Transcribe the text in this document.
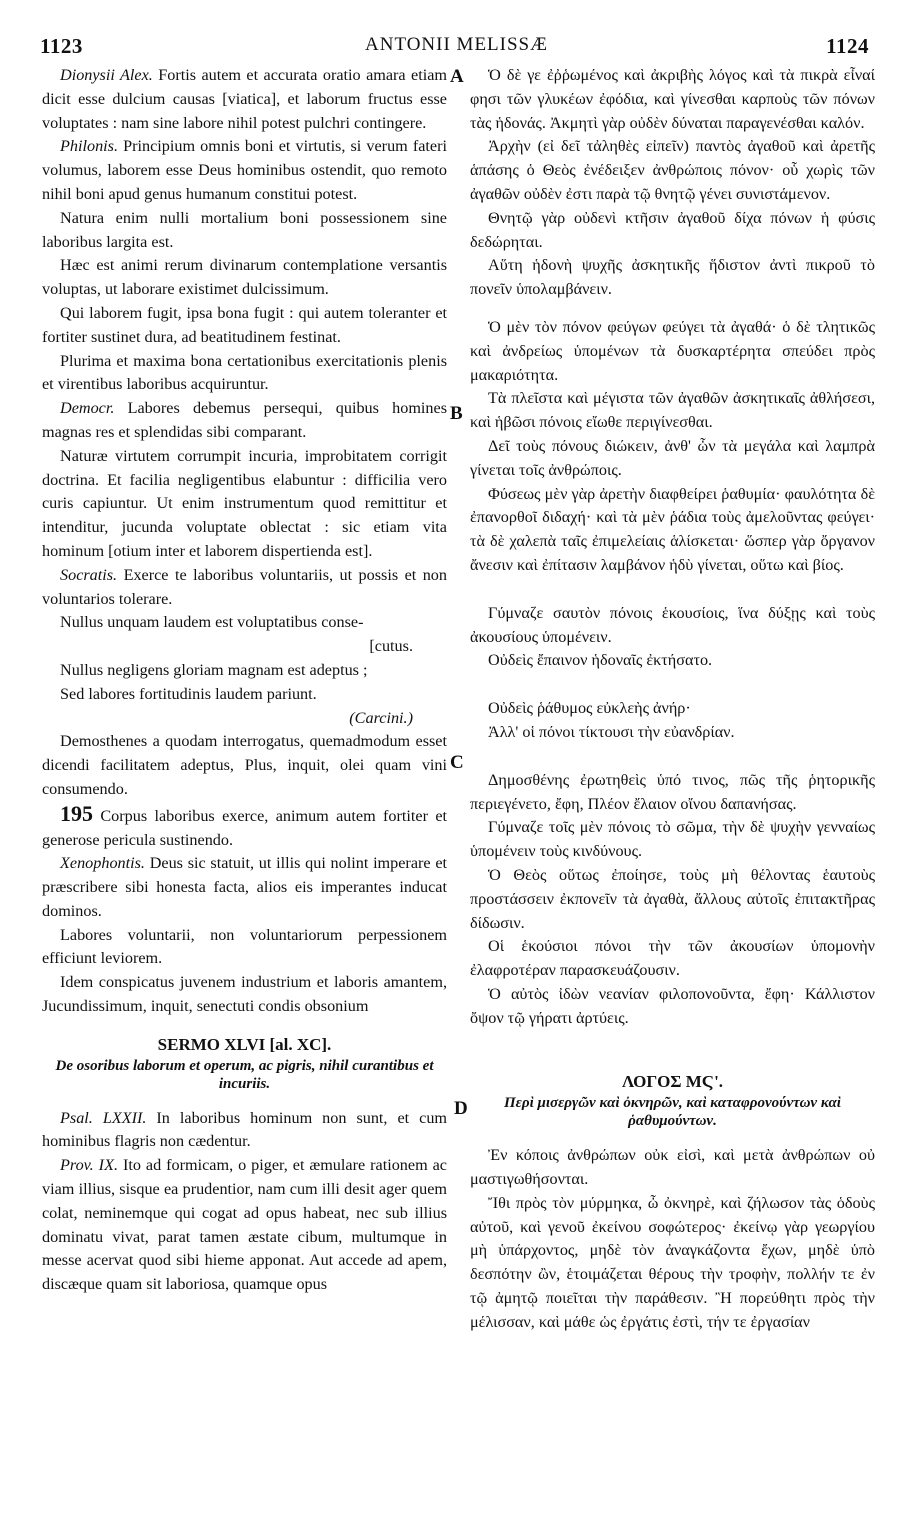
1123	ANTONII MELISSÆ	1124
A
B
C
D

Dionysii Alex. Fortis autem et accurata oratio amara etiam dicit esse dulcium causas [viatica], et laborum fructus esse voluptates : nam sine labore nihil potest pulchri contingere.

Philonis. Principium omnis boni et virtutis, si verum fateri volumus, laborem esse Deus hominibus ostendit, quo remoto nihil boni apud genus humanum constitui potest.

Natura enim nulli mortalium boni possessionem sine laboribus largita est.

Hæc est animi rerum divinarum contemplatione versantis voluptas, ut laborare existimet dulcissimum.

Qui laborem fugit, ipsa bona fugit : qui autem toleranter et fortiter sustinet dura, ad beatitudinem festinat.

Plurima et maxima bona certationibus exercitationis plenis et virentibus laboribus acquiruntur.

Democr. Labores debemus persequi, quibus homines magnas res et splendidas sibi comparant.

Naturæ virtutem corrumpit incuria, improbitatem corrigit doctrina. Et facilia negligentibus elabuntur : difficilia vero curis capiuntur. Ut enim instrumentum quod remittitur et intenditur, jucunda voluptate oblectat : sic etiam vita hominum [otium inter et laborem dispertienda est].

Socratis. Exerce te laboribus voluntariis, ut possis et non voluntarios tolerare.

Nullus unquam laudem est voluptatibus conse-

[cutus.

Nullus negligens gloriam magnam est adeptus ;

Sed labores fortitudinis laudem pariunt.

(Carcini.)

Demosthenes a quodam interrogatus, quemadmodum esset dicendi facilitatem adeptus, Plus, inquit, olei quam vini consumendo.

195 Corpus laboribus exerce, animum autem fortiter et generose pericula sustinendo.

Xenophontis. Deus sic statuit, ut illis qui nolint imperare et præscribere sibi honesta facta, alios eis imperantes inducat dominos.

Labores voluntarii, non voluntariorum perpessionem efficiunt leviorem.

Idem conspicatus juvenem industrium et laboris amantem, Jucundissimum, inquit, senectuti condis obsonium

SERMO XLVI [al. XC].

De osoribus laborum et operum, ac pigris, nihil curantibus et incuriis.

Psal. LXXII. In laboribus hominum non sunt, et cum hominibus flagris non cædentur.

Prov. IX. Ito ad formicam, o piger, et æmulare rationem ac viam illius, sisque ea prudentior, nam cum illi desit ager quem colat, neminemque qui cogat ad opus habeat, nec sub illius dominatu vivat, parat tamen æstate cibum, multumque in messe acervat quod sibi hieme apponat. Aut accede ad apem, discæque quam sit laboriosa, quamque opus

Ὁ δὲ γε ἐῤῥωμένος καὶ ἀκριβὴς λόγος καὶ τὰ πικρὰ εἶναί φησι τῶν γλυκέων ἐφόδια, καὶ γίνεσθαι καρποὺς τῶν πόνων τὰς ἡδονάς. Ἀκμητὶ γὰρ οὐδὲν δύναται παραγενέσθαι καλόν.

Ἀρχὴν (εἰ δεῖ τἀληθὲς εἰπεῖν) παντὸς ἀγαθοῦ καὶ ἀρετῆς ἁπάσης ὁ Θεὸς ἐνέδειξεν ἀνθρώποις πόνον· οὗ χωρὶς τῶν ἀγαθῶν οὐδὲν ἐστι παρὰ τῷ θνητῷ γένει συνιστάμενον.

Θνητῷ γὰρ οὐδενὶ κτῆσιν ἀγαθοῦ δίχα πόνων ἡ φύσις δεδώρηται.

Αὕτη ἡδονὴ ψυχῆς ἀσκητικῆς ἥδιστον ἀντὶ πικροῦ τὸ πονεῖν ὑπολαμβάνειν.

Ὁ μὲν τὸν πόνον φεύγων φεύγει τὰ ἀγαθά· ὁ δὲ τλητικῶς καὶ ἀνδρείως ὑπομένων τὰ δυσκαρτέρητα σπεύδει πρὸς μακαριότητα.

Τὰ πλεῖστα καὶ μέγιστα τῶν ἀγαθῶν ἀσκητικαῖς ἀθλήσεσι, καὶ ἡβῶσι πόνοις εἴωθε περιγίνεσθαι.

Δεῖ τοὺς πόνους διώκειν, ἀνθ' ὧν τὰ μεγάλα καὶ λαμπρὰ γίνεται τοῖς ἀνθρώποις.

Φύσεως μὲν γὰρ ἀρετὴν διαφθείρει ῥαθυμία· φαυλότητα δὲ ἐπανορθοῖ διδαχή· καὶ τὰ μὲν ῥάδια τοὺς ἀμελοῦντας φεύγει· τὰ δὲ χαλεπὰ ταῖς ἐπιμελείαις ἁλίσκεται· ὥσπερ γὰρ ὄργανον ἄνεσιν καὶ ἐπίτασιν λαμβάνον ἡδὺ γίνεται, οὕτω καὶ βίος.

Γύμναζε σαυτὸν πόνοις ἑκουσίοις, ἵνα δύξῃς καὶ τοὺς ἀκουσίους ὑπομένειν.

Οὐδεὶς ἔπαινον ἡδοναῖς ἐκτήσατο.

Οὐδεὶς ῥάθυμος εὐκλεὴς ἀνήρ·

Ἀλλ' οἱ πόνοι τίκτουσι τὴν εὐανδρίαν.

Δημοσθένης ἐρωτηθεὶς ὑπό τινος, πῶς τῆς ῥητορικῆς περιεγένετο, ἔφη, Πλέον ἔλαιον οἴνου δαπανήσας.

Γύμναζε τοῖς μὲν πόνοις τὸ σῶμα, τὴν δὲ ψυχὴν γενναίως ὑπομένειν τοὺς κινδύνους.

Ὁ Θεὸς οὕτως ἐποίησε, τοὺς μὴ θέλοντας ἑαυτοὺς προστάσσειν ἐκπονεῖν τὰ ἀγαθὰ, ἄλλους αὐτοῖς ἐπιτακτῆρας δίδωσιν.

Οἱ ἑκούσιοι πόνοι τὴν τῶν ἀκουσίων ὑπομονὴν ἐλαφροτέραν παρασκευάζουσιν.

Ὁ αὐτὸς ἰδὼν νεανίαν φιλοπονοῦντα, ἔφη· Κάλλιστον ὄψον τῷ γήρατι ἀρτύεις.

ΛΟΓΟΣ ΜϚ'.

Περὶ μισεργῶν καὶ ὀκνηρῶν, καὶ καταφρονούντων καὶ ῥαθυμούντων.

Ἐν κόποις ἀνθρώπων οὐκ εἰσὶ, καὶ μετὰ ἀνθρώπων οὐ μαστιγωθήσονται.

Ἴθι πρὸς τὸν μύρμηκα, ὦ ὀκνηρὲ, καὶ ζήλωσον τὰς ὁδοὺς αὐτοῦ, καὶ γενοῦ ἐκείνου σοφώτερος· ἐκείνῳ γὰρ γεωργίου μὴ ὑπάρχοντος, μηδὲ τὸν ἀναγκάζοντα ἔχων, μηδὲ ὑπὸ δεσπότην ὢν, ἑτοιμάζεται θέρους τὴν τροφὴν, πολλήν τε ἐν τῷ ἀμητῷ ποιεῖται τὴν παράθεσιν. Ἢ πορεύθητι πρὸς τὴν μέλισσαν, καὶ μάθε ὡς ἐργάτις ἐστὶ, τήν τε ἐργασίαν
